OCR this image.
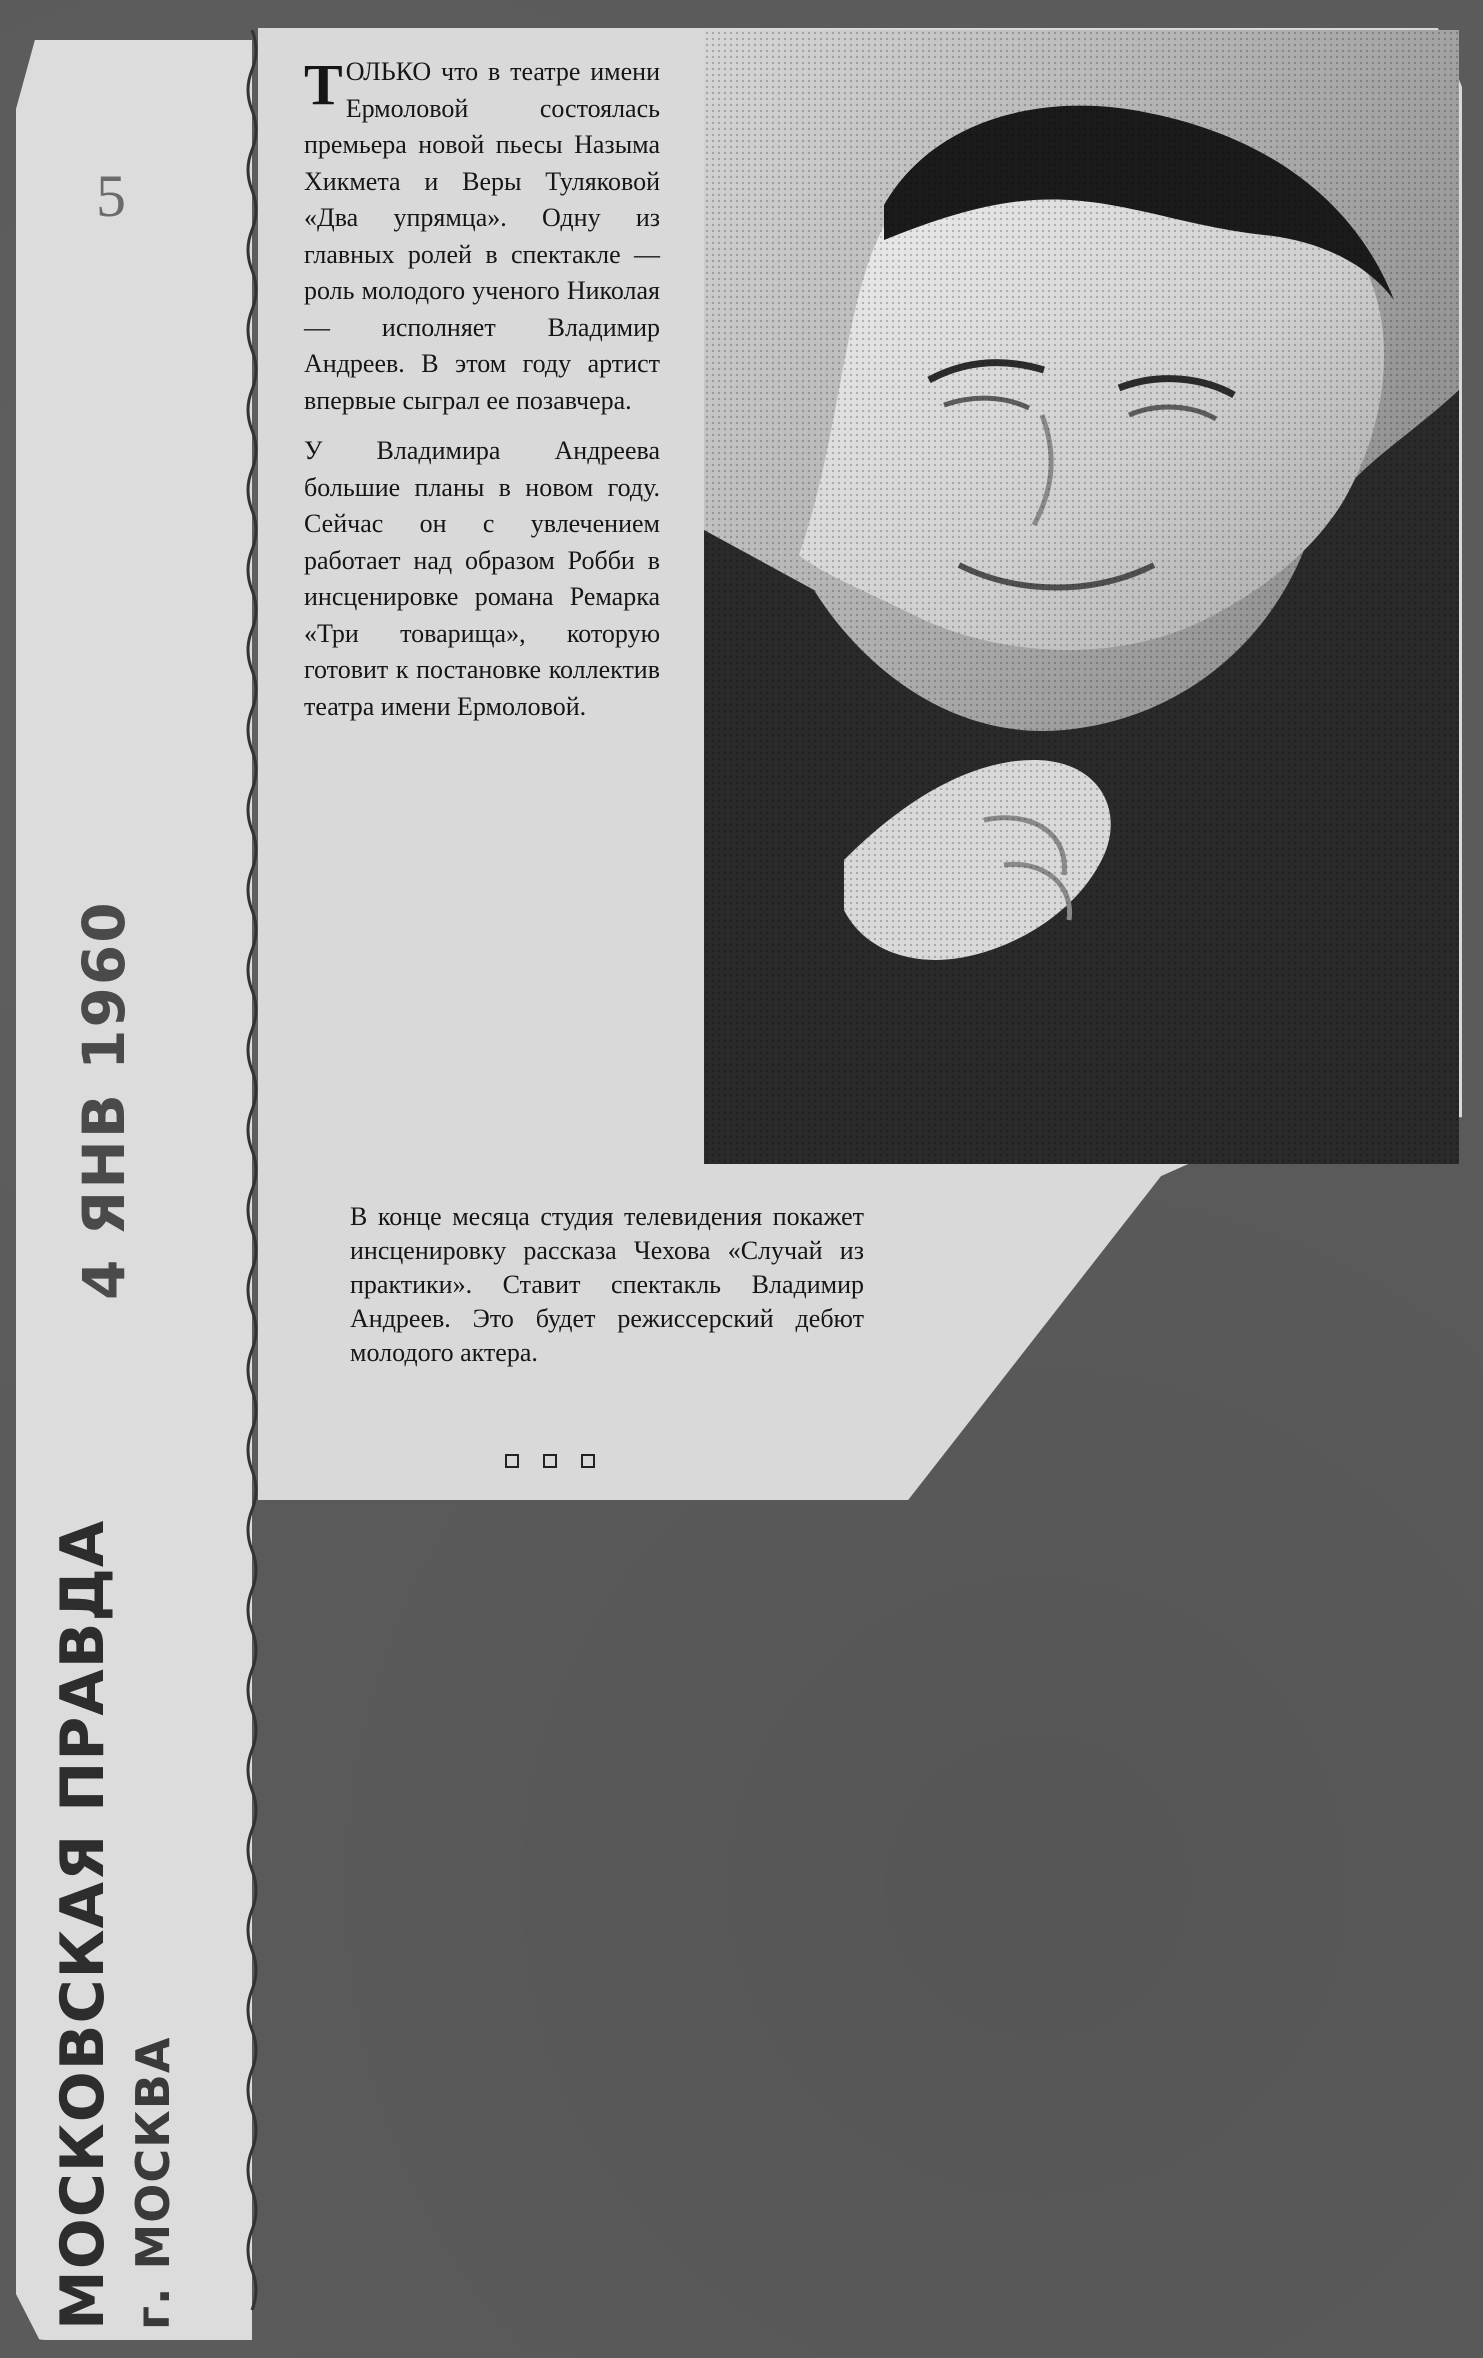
5
4 ЯНВ 1960
МОСКОВСКАЯ ПРАВДА г. МОСКВА

ТОЛЬКО что в театре имени Ермоловой состоялась премьера новой пьесы Назыма Хикмета и Веры Туляковой «Два упрямца». Одну из главных ролей в спектакле — роль молодого ученого Николая — исполняет Владимир Андреев. В этом году артист впервые сыграл ее позавчера.

У Владимира Андреева большие планы в новом году. Сейчас он с увлечением работает над образом Робби в инсценировке романа Ремарка «Три товарища», которую готовит к постановке коллектив театра имени Ермоловой.

В конце месяца студия телевидения покажет инсценировку рассказа Чехова «Случай из практики». Ставит спектакль Владимир Андреев. Это будет режиссерский дебют молодого актера.
